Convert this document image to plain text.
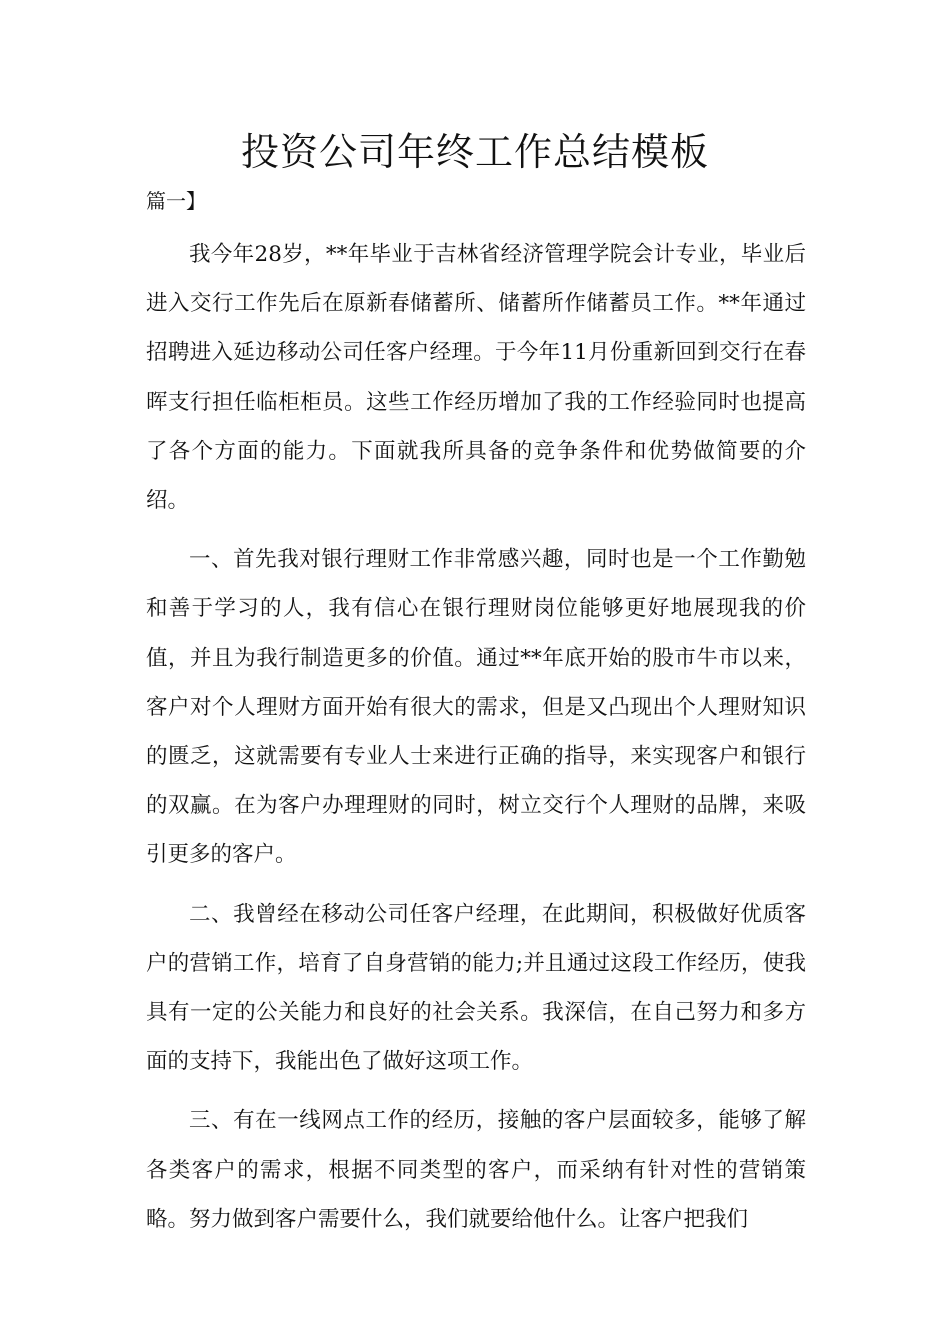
投资公司年终工作总结模板
篇一】

我今年28岁，**年毕业于吉林省经济管理学院会计专业，毕业后进入交行工作先后在原新春储蓄所、储蓄所作储蓄员工作。**年通过招聘进入延边移动公司任客户经理。于今年11月份重新回到交行在春晖支行担任临柜柜员。这些工作经历增加了我的工作经验同时也提高了各个方面的能力。下面就我所具备的竞争条件和优势做简要的介绍。

一、首先我对银行理财工作非常感兴趣，同时也是一个工作勤勉和善于学习的人，我有信心在银行理财岗位能够更好地展现我的价值，并且为我行制造更多的价值。通过**年底开始的股市牛市以来，客户对个人理财方面开始有很大的需求，但是又凸现出个人理财知识的匮乏，这就需要有专业人士来进行正确的指导，来实现客户和银行的双赢。在为客户办理理财的同时，树立交行个人理财的品牌，来吸引更多的客户。

二、我曾经在移动公司任客户经理，在此期间，积极做好优质客户的营销工作，培育了自身营销的能力;并且通过这段工作经历，使我具有一定的公关能力和良好的社会关系。我深信，在自己努力和多方面的支持下，我能出色了做好这项工作。

三、有在一线网点工作的经历，接触的客户层面较多，能够了解各类客户的需求，根据不同类型的客户，而采纳有针对性的营销策略。努力做到客户需要什么，我们就要给他什么。让客户把我们
